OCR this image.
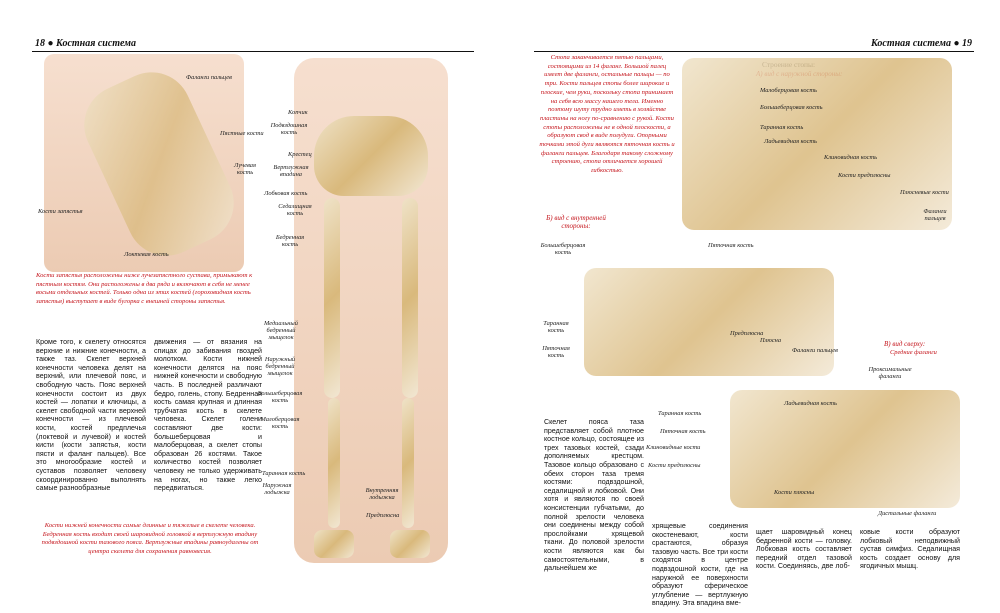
18 ● Костная система
Фаланги пальцев
Пястные кости
Лучевая кость
Кости запястья
Локтевая кость
Копчик
Подвздошная кость
Крестец
Вертлужная впадина
Лобковая кость
Седалищная кость
Бедренная кость
Медиальный бедренный мыщелок
Наружный бедренный мыщелок
Большеберцовая кость
Малоберцовая кость
Таранная кость
Наружная лодыжка	Внутренняя лодыжка
Предплюсна
Кости запястья расположены ниже лучезапястного сустава, примыкают к пястным костям. Они расположены в два ряда и включают в себя не менее восьми отдельных костей. Только одна из этих костей (гороховидная кость запястья) выступает в виде бугорка с внешней стороны запястья.
Кроме того, к скелету относятся верхние и нижние конечности, а также таз. Скелет верхней конечности человека делят на верхний, или плечевой пояс, и свободную часть. Пояс верхней конечности состоит из двух костей — лопатки и ключицы, а скелет свободной части верхней конечности — из плечевой кости, костей предплечья (локтевой и лучевой) и костей кисти (кости запястья, кости пясти и фаланг пальцев). Все это многообразие костей и суставов позволяет человеку скоординированно выполнять самые разнообразные
движения — от вязания на спицах до забивания гвоздей молотком. Кости нижней конечности делятся на пояс нижней конечности и свободную часть. В последней различают бедро, голень, стопу. Бедренная кость самая крупная и длинная трубчатая кость в скелете человека. Скелет голени составляют две кости: большеберцовая и малоберцовая, а скелет стопы образован 26 костями. Такое количество костей позволяет человеку не только удерживать на ногах, но также легко передвигаться.
Кости нижней конечности самые длинные и тяжелые в скелете человека. Бедренная кость входит своей шаровидной головкой в вертлужную впадину подвздошной кости тазового пояса. Вертлужные впадины равноудалены от центра скелета для сохранения равновесия.
Костная система ● 19
Стопа заканчивается пятью пальцами, состоящими из 14 фаланг. Большой палец имеет две фаланги, остальные пальцы — по три. Кости пальцев стопы более широкие и плоские, чем руки, поскольку стопа принимает на себя всю массу нашего тела. Именно поэтому шуту трудно иметь в хозяйстве пластины на ногу по-сравнению с рукой. Кости стопы расположены не в одной плоскости, а образуют свод в виде полудуги. Опорными точками этой дуги являются пяточная кость и фаланги пальцев. Благодаря такому сложному строению, стопа отличается хорошей гибкостью.
Малоберцовая кость
Большеберцовая кость
Таранная кость
Ладьевидная кость
Клиновидная кость
Кости предплюсны
Плюсневые кости
Фаланги пальцев
Пяточная кость
Б) вид с внутренней стороны:
Большеберцовая кость
Таранная кость
Пяточная кость
Предплюсна
Плюсна
Фаланги пальцев
В) вид сверху:
Средние фаланги
Проксимальные фаланги
Ладьевидная кость
Таранная кость
Пяточная кость
Клиновидные кости
Кости предплюсны
Кости плюсны
Дистальные фаланги
Скелет пояса таза представляет собой плотное костное кольцо, состоящее из трех тазовых костей, сзади дополняемых крестцом. Тазовое кольцо образовано с обеих сторон таза тремя костями: подвздошной, седалищной и лобковой. Они хотя и являются по своей консистенции губчатыми, до полной зрелости человека они соединены между собой прослойками хрящевой ткани. До половой зрелости кости являются как бы самостоятельными, в дальнейшем же
хрящевые соединения окостеневают, кости срастаются, образуя тазовую часть. Все три кости сходятся в центре подвздошной кости, где на наружной ее поверхности образуют сферическое углубление — вертлужную впадину. Эта впадина вме-
щает шаровидный конец бедренной кости — головку. Лобковая кость составляет передний отдел тазовой кости. Соединяясь, две лоб-
ковые кости образуют лобковый неподвижный сустав симфиз. Седалищная кость создает основу для ягодичных мышц.
